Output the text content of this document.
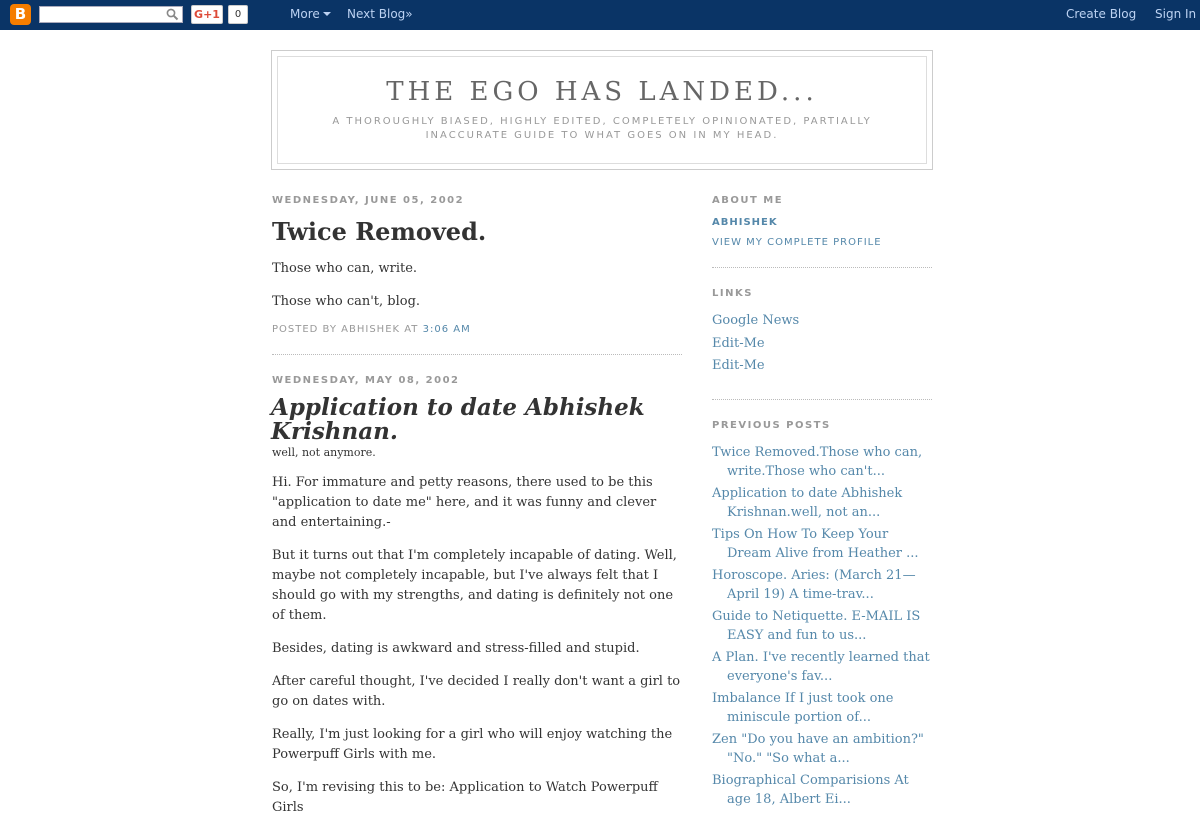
B	G+1	0	More	Next Blog»	Create Blog Sign In
THE EGO HAS LANDED...

A THOROUGHLY BIASED, HIGHLY EDITED, COMPLETELY OPINIONATED, PARTIALLY INACCURATE GUIDE TO WHAT GOES ON IN MY HEAD.

WEDNESDAY, JUNE 05, 2002
Twice Removed.

Those who can, write.

Those who can't, blog.

POSTED BY ABHISHEK AT 3:06 AM

WEDNESDAY, MAY 08, 2002
Application to date Abhishek Krishnan.

well, not anymore.

Hi. For immature and petty reasons, there used to be this "application to date me" here, and it was funny and clever and entertaining.-

But it turns out that I'm completely incapable of dating. Well, maybe not completely incapable, but I've always felt that I should go with my strengths, and dating is definitely not one of them.

Besides, dating is awkward and stress-filled and stupid.

After careful thought, I've decided I really don't want a girl to go on dates with.

Really, I'm just looking for a girl who will enjoy watching the Powerpuff Girls with me.

So, I'm revising this to be: Application to Watch Powerpuff Girls

ABOUT ME
ABHISHEK
VIEW MY COMPLETE PROFILE
LINKS
Google News
Edit-Me
Edit-Me
PREVIOUS POSTS
Twice Removed.Those who can, write.Those who can't...
Application to date Abhishek Krishnan.well, not an...
Tips On How To Keep Your Dream Alive from Heather ...
Horoscope. Aries: (March 21—April 19) A time-trav...
Guide to Netiquette. E-MAIL IS EASY and fun to us...
A Plan. I've recently learned that everyone's fav...
Imbalance If I just took one miniscule portion of...
Zen "Do you have an ambition?" "No." "So what a...
Biographical Comparisions At age 18, Albert Ei...
